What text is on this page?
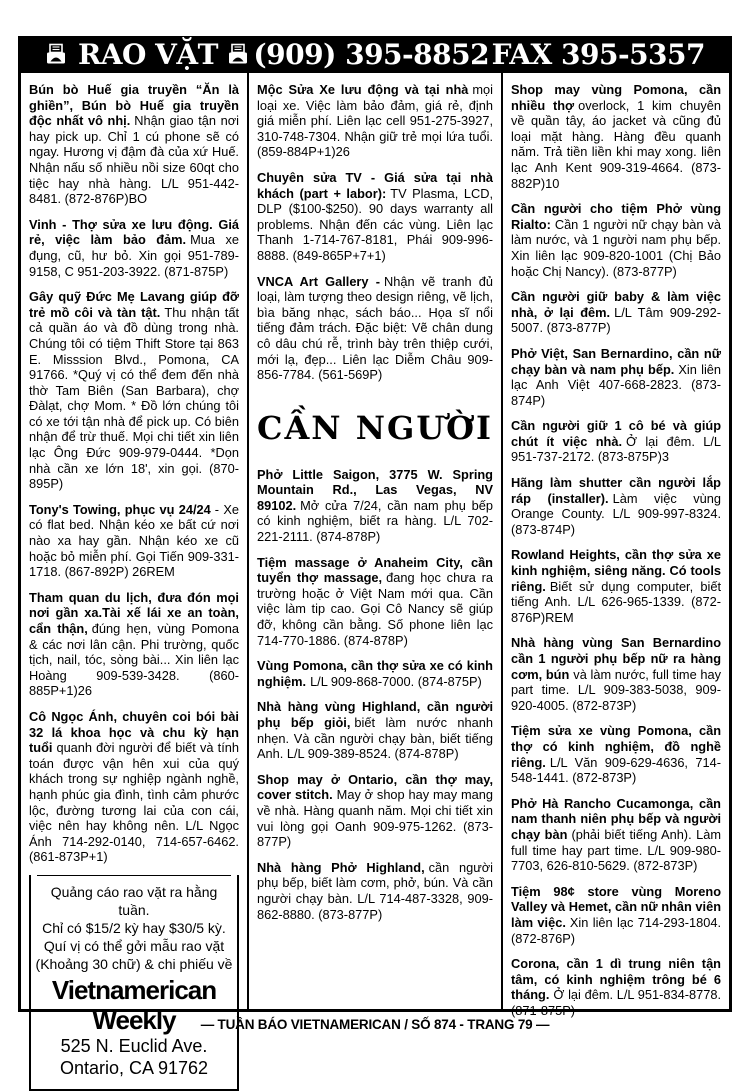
RAO VẶT (909) 395-8852 FAX 395-5357

Bún bò Huế gia truyền “Ăn là ghiền”, Bún bò Huế gia truyền độc nhất vô nhị. Nhận giao tận nơi hay pick up. Chỉ 1 cú phone sẽ có ngay. Hương vị đậm đà của xứ Huế. Nhận nấu số nhiều nồi size 60qt cho tiệc hay nhà hàng. L/L 951-442-8481. (872-876P)BO

Vinh - Thợ sửa xe lưu động. Giá rẻ, việc làm bảo đảm. Mua xe đụng, cũ, hư bỏ. Xin gọi 951-789-9158, C 951-203-3922. (871-875P)

Gây quỹ Đức Mẹ Lavang giúp đỡ trẻ mồ côi và tàn tật. Thu nhận tất cả quần áo và đồ dùng trong nhà. Chúng tôi có tiệm Thift Store tại 863 E. Misssion Blvd., Pomona, CA 91766. *Quý vị có thể đem đến nhà thờ Tam Biên (San Barbara), chợ Đàlạt, chợ Mom. * Đồ lớn chúng tôi có xe tới tận nhà để pick up. Có biên nhận để trừ thuế. Mọi chi tiết xin liên lạc Ông Đức 909-979-0444. *Dọn nhà cần xe lớn 18', xin gọi. (870-895P)

Tony's Towing, phục vụ 24/24 - Xe có flat bed. Nhận kéo xe bất cứ nơi nào xa hay gần. Nhận kéo xe cũ hoặc bỏ miễn phí. Gọi Tiến 909-331-1718. (867-892P) 26REM

Tham quan du lịch, đưa đón mọi nơi gần xa.Tài xế lái xe an toàn, cẩn thận, đúng hẹn, vùng Pomona & các nơi lân cận. Phi trường, quốc tịch, nail, tóc, sòng bài... Xin liên lạc Hoàng 909-539-3428. (860-885P+1)26

Cô Ngọc Ánh, chuyên coi bói bài 32 lá khoa học và chu kỳ hạn tuổi quanh đời người để biết và tính toán được vận hên xui của quý khách trong sự nghiệp ngành nghề, hạnh phúc gia đình, tình cảm phước lộc, đường tương lai của con cái, việc nên hay không nên. L/L Ngọc Ánh 714-292-0140, 714-657-6462. (861-873P+1)

Quảng cáo rao vặt ra hằng tuần.
Chỉ có $15/2 kỳ hay $30/5 kỳ.
Quí vị có thể gởi mẫu rao vặt
(Khoảng 30 chữ) & chi phiếu về
Vietnamerican Weekly
525 N. Euclid Ave.
Ontario, CA 91762

Mộc Sửa Xe lưu động và tại nhà mọi loại xe. Việc làm bảo đảm, giá rẻ, định giá miễn phí. Liên lạc cell 951-275-3927, 310-748-7304. Nhận giữ trẻ mọi lứa tuổi. (859-884P+1)26

Chuyên sửa TV - Giá sửa tại nhà khách (part + labor): TV Plasma, LCD, DLP ($100-$250). 90 days warranty all problems. Nhận đến các vùng. Liên lạc Thanh 1-714-767-8181, Phái 909-996-8888. (849-865P+7+1)

VNCA Art Gallery - Nhận vẽ tranh đủ loại, làm tượng theo design riêng, vẽ lịch, bìa băng nhạc, sách báo... Họa sĩ nổi tiếng đảm trách. Đặc biệt: Vẽ chân dung cô dâu chú rễ, trình bày trên thiệp cưới, mới lạ, đẹp... Liên lạc Diễm Châu 909-856-7784. (561-569P)

CẦN NGƯỜI

Phở Little Saigon, 3775 W. Spring Mountain Rd., Las Vegas, NV 89102. Mở cửa 7/24, cần nam phụ bếp có kinh nghiệm, biết ra hàng. L/L 702-221-2111. (874-878P)

Tiệm massage ở Anaheim City, cần tuyển thợ massage, đang học chưa ra trường hoặc ở Việt Nam mới qua. Cần việc làm tip cao. Gọi Cô Nancy sẽ giúp đỡ, không cần bằng. Số phone liên lạc 714-770-1886. (874-878P)

Vùng Pomona, cần thợ sửa xe có kinh nghiệm. L/L 909-868-7000. (874-875P)

Nhà hàng vùng Highland, cần người phụ bếp giỏi, biết làm nước nhanh nhẹn. Và cần người chạy bàn, biết tiếng Anh. L/L 909-389-8524. (874-878P)

Shop may ở Ontario, cần thợ may, cover stitch. May ở shop hay may mang về nhà. Hàng quanh năm. Mọi chi tiết xin vui lòng gọi Oanh 909-975-1262. (873-877P)

Nhà hàng Phở Highland, cần người phụ bếp, biết làm cơm, phở, bún. Và cần người chạy bàn. L/L 714-487-3328, 909-862-8880. (873-877P)

Shop may vùng Pomona, cần nhiều thợ overlock, 1 kim chuyên về quần tây, áo jacket và cũng đủ loại mặt hàng. Hàng đều quanh năm. Trả tiền liền khi may xong. liên lạc Anh Kent 909-319-4664. (873-882P)10

Cần người cho tiệm Phở vùng Rialto: Cần 1 người nữ chạy bàn và làm nước, và 1 người nam phụ bếp. Xin liên lạc 909-820-1001 (Chị Bảo hoặc Chị Nancy). (873-877P)

Cần người giữ baby & làm việc nhà, ở lại đêm. L/L Tâm 909-292-5007. (873-877P)

Phở Việt, San Bernardino, cần nữ chạy bàn và nam phụ bếp. Xin liên lạc Anh Việt 407-668-2823. (873-874P)

Cần người giữ 1 cô bé và giúp chút ít việc nhà. Ở lại đêm. L/L 951-737-2172. (873-875P)3

Hãng làm shutter cần người lắp ráp (installer). Làm việc vùng Orange County. L/L 909-997-8324. (873-874P)

Rowland Heights, cần thợ sửa xe kinh nghiệm, siêng năng. Có tools riêng. Biết sử dụng computer, biết tiếng Anh. L/L 626-965-1339. (872-876P)REM

Nhà hàng vùng San Bernardino cần 1 người phụ bếp nữ ra hàng cơm, bún và làm nước, full time hay part time. L/L 909-383-5038, 909-920-4005. (872-873P)

Tiệm sửa xe vùng Pomona, cần thợ có kinh nghiệm, đồ nghề riêng. L/L Văn 909-629-4636, 714-548-1441. (872-873P)

Phở Hà Rancho Cucamonga, cần nam thanh niên phụ bếp và người chạy bàn (phải biết tiếng Anh). Làm full time hay part time. L/L 909-980-7703, 626-810-5629. (872-873P)

Tiệm 98¢ store vùng Moreno Valley và Hemet, cần nữ nhân viên làm việc. Xin liên lạc 714-293-1804. (872-876P)

Corona, cần 1 dì trung niên tận tâm, có kinh nghiệm trông bé 6 tháng. Ở lại đêm. L/L 951-834-8778. (871-875P)

— TUẦN BÁO VIETNAMERICAN / SỐ 874 - TRANG 79 —
